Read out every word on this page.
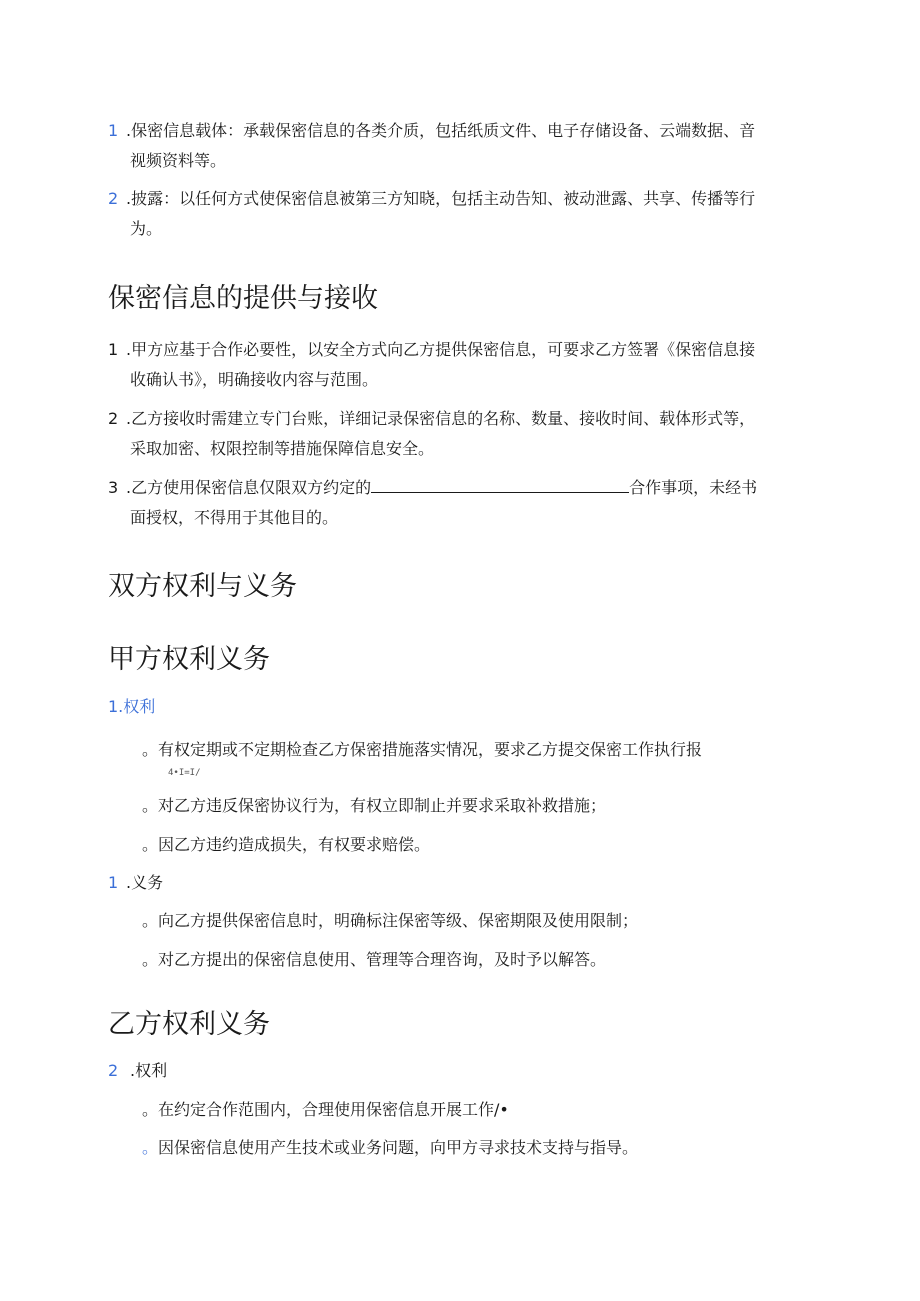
1 .保密信息载体：承载保密信息的各类介质，包括纸质文件、电子存储设备、云端数据、音
视频资料等。
2 .披露：以任何方式使保密信息被第三方知晓，包括主动告知、被动泄露、共享、传播等行
为。
保密信息的提供与接收
1 .甲方应基于合作必要性，以安全方式向乙方提供保密信息，可要求乙方签署《保密信息接
收确认书》，明确接收内容与范围。
2 .乙方接收时需建立专门台账，详细记录保密信息的名称、数量、接收时间、载体形式等，
采取加密、权限控制等措施保障信息安全。
3 .乙方使用保密信息仅限双方约定的	合作事项，未经书
面授权，不得用于其他目的。
双方权利与义务
甲方权利义务
1.权利
。有权定期或不定期检查乙方保密措施落实情况，要求乙方提交保密工作执行报
4•I=I/
。对乙方违反保密协议行为，有权立即制止并要求采取补救措施；
。因乙方违约造成损失，有权要求赔偿。
1 .义务
。向乙方提供保密信息时，明确标注保密等级、保密期限及使用限制；
。对乙方提出的保密信息使用、管理等合理咨询，及时予以解答。
乙方权利义务
2 .权利
。在约定合作范围内，合理使用保密信息开展工作/•
。因保密信息使用产生技术或业务问题，向甲方寻求技术支持与指导。
